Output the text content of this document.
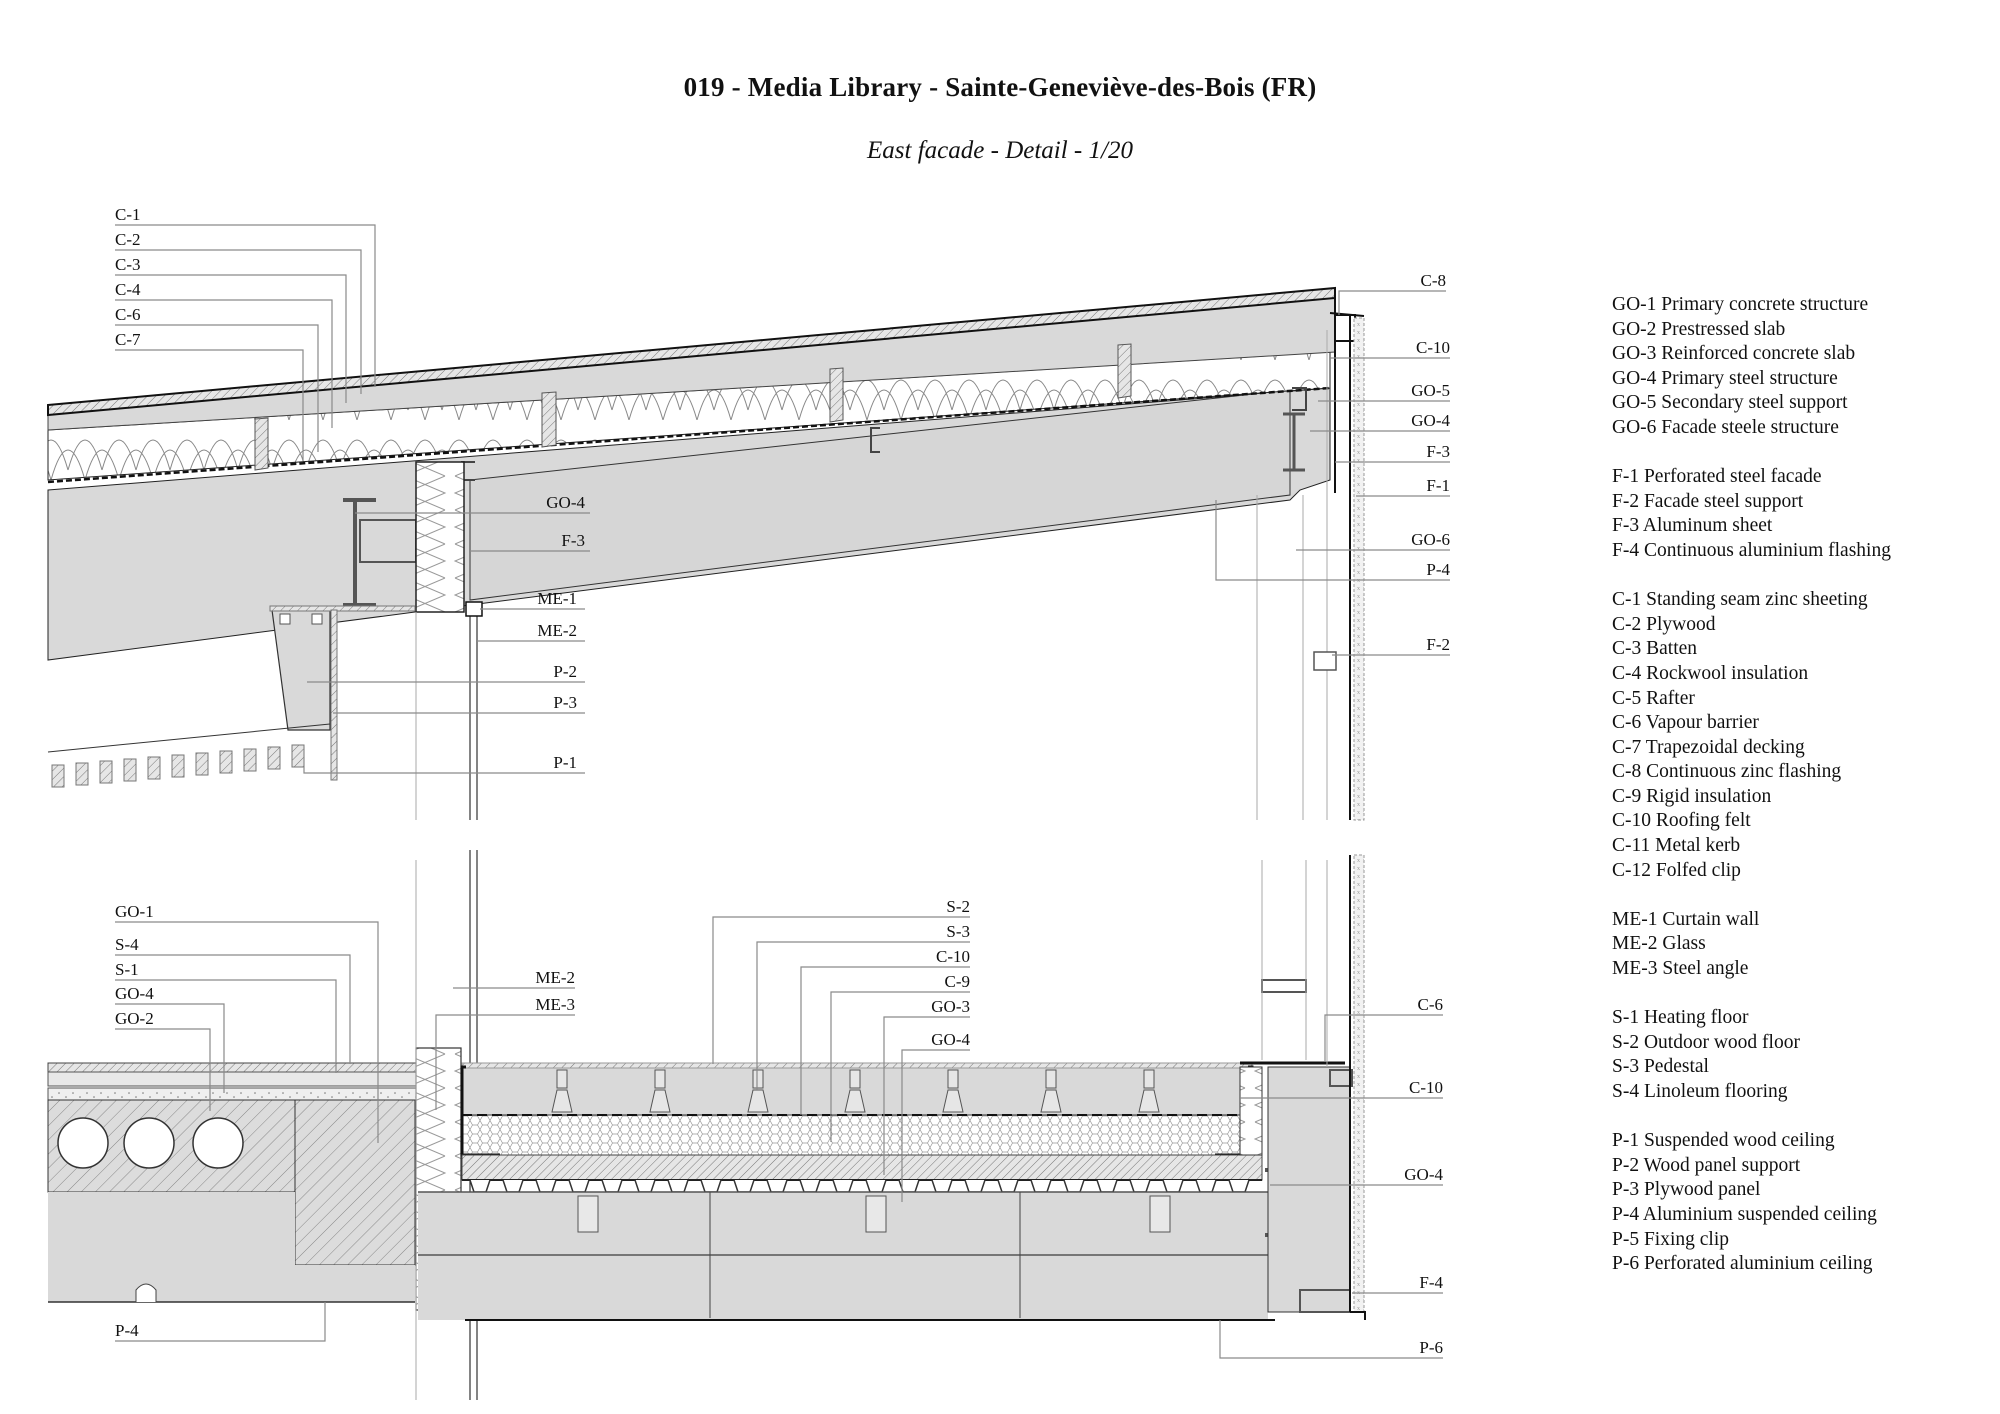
019 - Media Library - Sainte-Geneviève-des-Bois (FR)
East facade - Detail - 1/20
C-1
C-2
C-3
C-4
C-6
C-7
GO-4
F-3
ME-1
ME-2
P-2
P-3
P-1
C-8
C-10
GO-5
GO-4
F-3
F-1
GO-6
P-4
F-2
GO-1
S-4
S-1
GO-4
GO-2
P-4
ME-2
ME-3
S-2
S-3
C-10
C-9
GO-3
GO-4
C-6
C-10
GO-4
F-4
P-6
GO-1 Primary concrete structure
GO-2 Prestressed slab
GO-3 Reinforced concrete slab
GO-4 Primary steel structure
GO-5 Secondary steel support
GO-6 Facade steele structure
F-1 Perforated steel facade
F-2 Facade steel support
F-3 Aluminum sheet
F-4 Continuous aluminium flashing
C-1 Standing seam zinc sheeting
C-2 Plywood
C-3 Batten
C-4 Rockwool insulation
C-5 Rafter
C-6 Vapour barrier
C-7 Trapezoidal decking
C-8 Continuous zinc flashing
C-9 Rigid insulation
C-10 Roofing felt
C-11 Metal kerb
C-12 Folfed clip
ME-1 Curtain wall
ME-2 Glass
ME-3 Steel angle
S-1 Heating floor
S-2 Outdoor wood floor
S-3 Pedestal
S-4 Linoleum flooring
P-1 Suspended wood ceiling
P-2 Wood panel support
P-3 Plywood panel
P-4 Aluminium suspended ceiling
P-5 Fixing clip
P-6 Perforated aluminium ceiling
